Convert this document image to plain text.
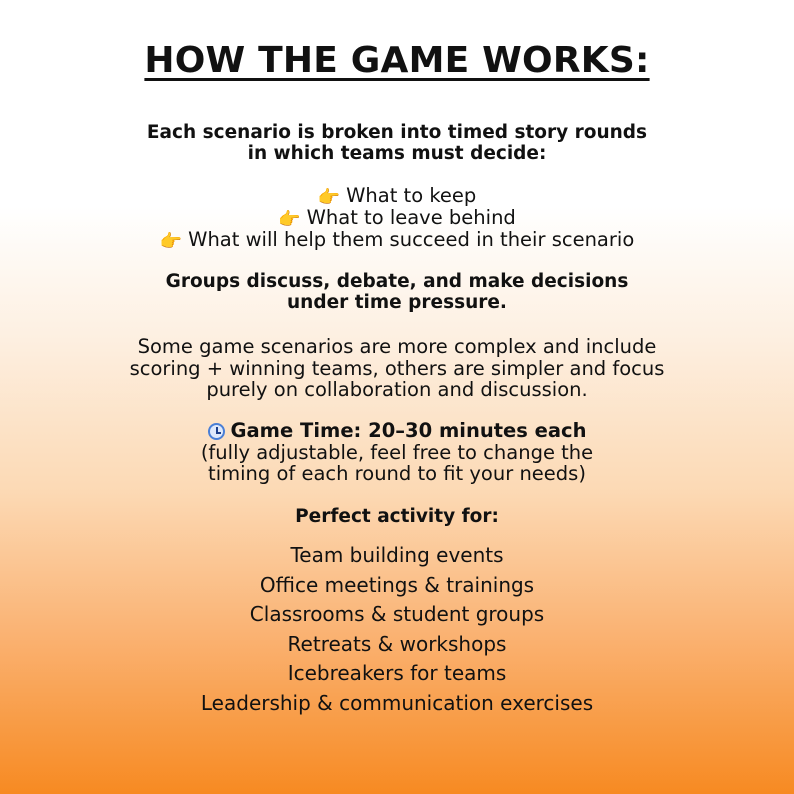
HOW THE GAME WORKS:
Each scenario is broken into timed story rounds
in which teams must decide:
👉 What to keep
👉 What to leave behind
👉 What will help them succeed in their scenario
Groups discuss, debate, and make decisions
under time pressure.
Some game scenarios are more complex and include
scoring + winning teams, others are simpler and focus
purely on collaboration and discussion.
Game Time: 20–30 minutes each
(fully adjustable, feel free to change the
timing of each round to fit your needs)
Perfect activity for:
Team building events
Office meetings & trainings
Classrooms & student groups
Retreats & workshops
Icebreakers for teams
Leadership & communication exercises
